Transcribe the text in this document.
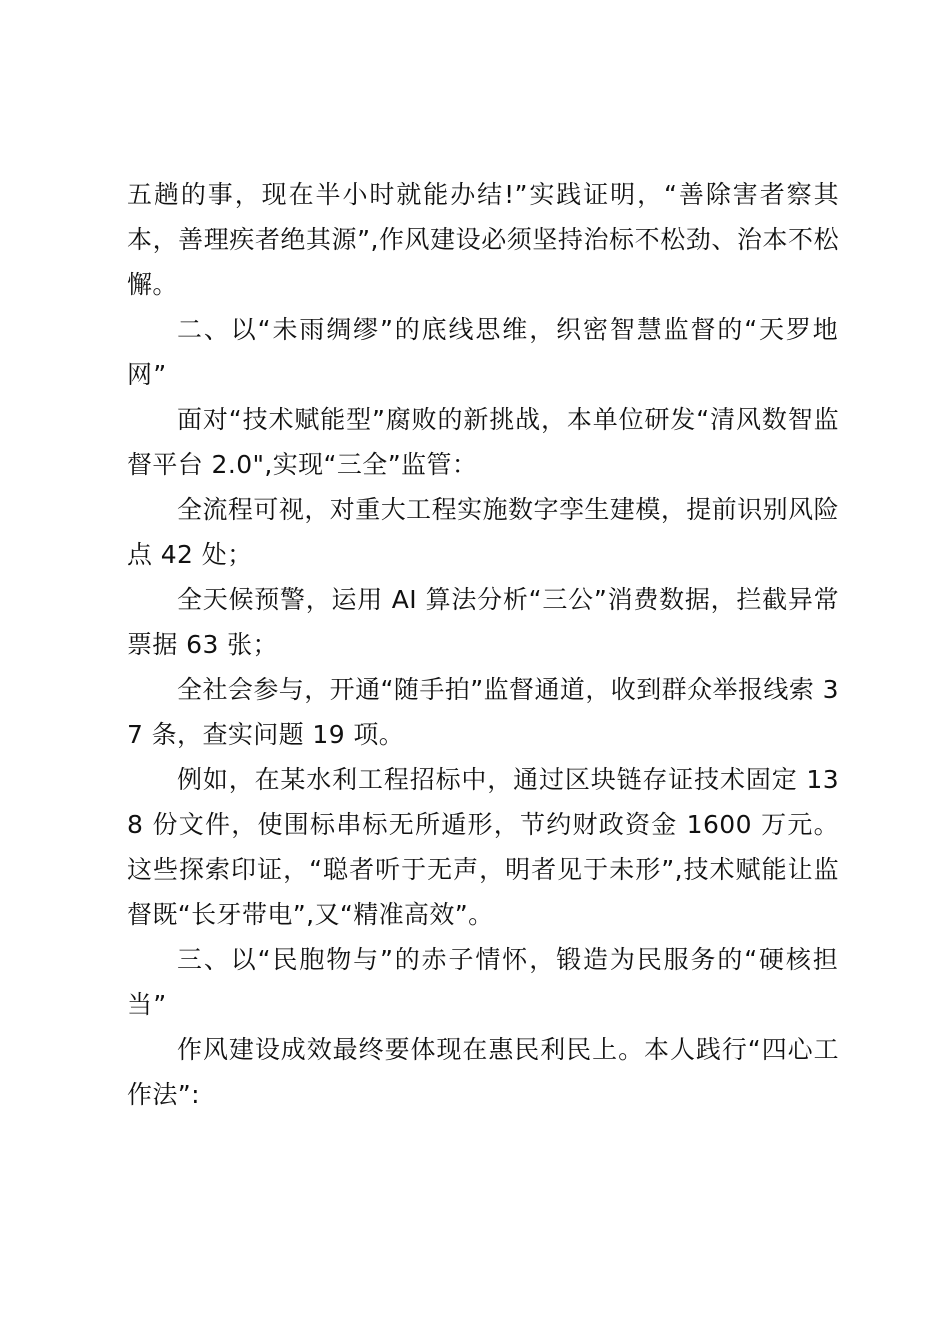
五趟的事，现在半小时就能办结!”实践证明，“善除害者察其本，善理疾者绝其源”,作风建设必须坚持治标不松劲、治本不松懈。

二、以“未雨绸缪”的底线思维，织密智慧监督的“天罗地网”

面对“技术赋能型”腐败的新挑战，本单位研发“清风数智监督平台 2.0",实现“三全”监管：

全流程可视，对重大工程实施数字孪生建模，提前识别风险点 42 处；

全天候预警，运用 AI 算法分析“三公”消费数据，拦截异常票据 63 张；

全社会参与，开通“随手拍”监督通道，收到群众举报线索 37 条，查实问题 19 项。

例如，在某水利工程招标中，通过区块链存证技术固定 138 份文件，使围标串标无所遁形，节约财政资金 1600 万元。这些探索印证，“聪者听于无声，明者见于未形”,技术赋能让监督既“长牙带电”,又“精准高效”。

三、以“民胞物与”的赤子情怀，锻造为民服务的“硬核担当”

作风建设成效最终要体现在惠民利民上。本人践行“四心工作法”:
